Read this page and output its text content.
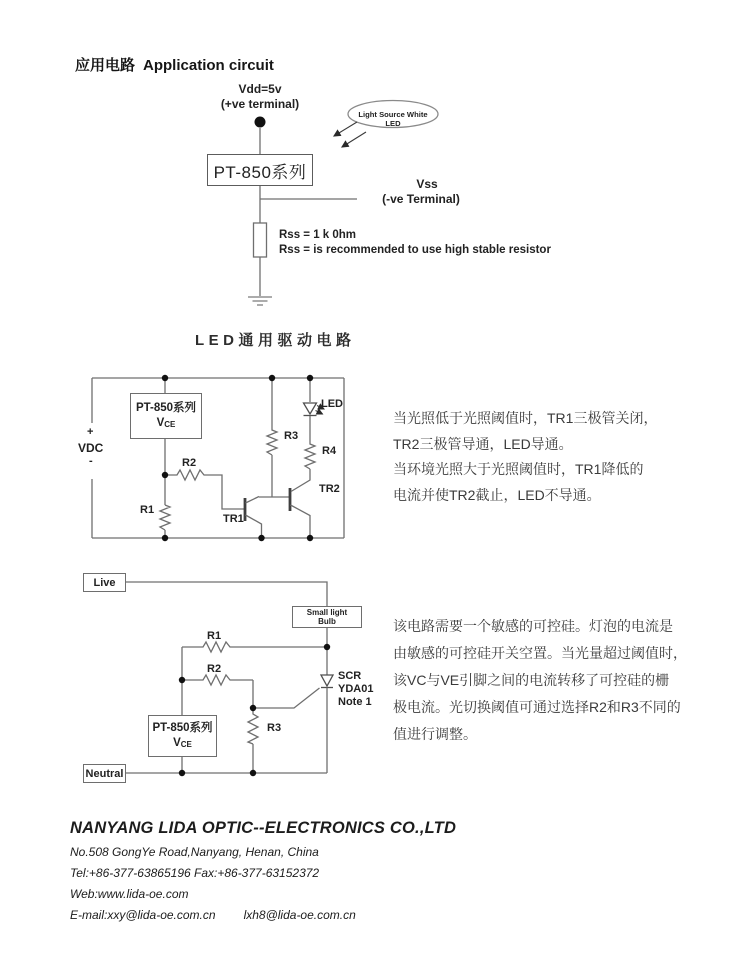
应用电路 Application circuit
Vdd=5v
(+ve terminal)
Light Source White LED
PT-850系列
Vss
(-ve Terminal)
Rss = 1 k 0hm
Rss = is recommended to use high stable resistor
LED通用驱动电路
PT-850系列
VCE
+
VDC
-
R1
R2
R3
R4
TR1
TR2
LED
当光照低于光照阈值时，TR1三极管关闭，
TR2三极管导通，LED导通。
当环境光照大于光照阈值时，TR1降低的
电流并使TR2截止，LED不导通。
Live
Small light
Bulb
PT-850系列
VCE
Neutral
R1
R2
R3
SCR
YDA01
Note 1
该电路需要一个敏感的可控硅。灯泡的电流是
由敏感的可控硅开关空置。当光量超过阈值时，
该VC与VE引脚之间的电流转移了可控硅的栅
极电流。光切换阈值可通过选择R2和R3不同的
值进行调整。
NANYANG LIDA OPTIC--ELECTRONICS CO.,LTD
No.508 GongYe Road,Nanyang, Henan, China
Tel:+86-377-63865196 Fax:+86-377-63152372
Web:www.lida-oe.com
E-mail:xxy@lida-oe.com.cn lxh8@lida-oe.com.cn
